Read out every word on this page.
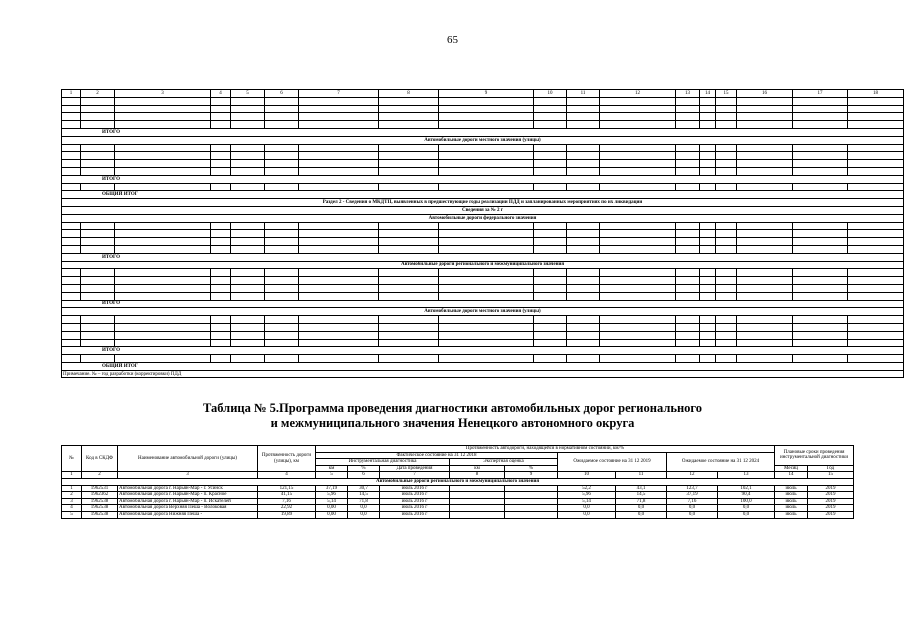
65
1	2	3	4	5	6	7	8	9	10	11	12	13	14	15	16	17	18

ИТОГО																	
Автомобильные дороги местного значения (улицы)																	

ИТОГО																	

ОБЩИЙ ИТОГ																	
Раздел 2 - Сведения о МКДТП, выявленных в предшествующие годы реализации ПДД и запланированных мероприятиях по их ликвидации																	
Сведения за № 2 г																	
Автомобильные дороги федерального значения																	

ИТОГО																	
Автомобильные дороги регионального и межмуниципального значения																	

ИТОГО																	
Автомобильные дороги местного значения (улицы)																	

ИТОГО																	

ОБЩИЙ ИТОГ																	
Примечание. № – год разработки (корректировки) ПДД																	
Таблица № 5.Программа проведения диагностики автомобильных дорог регионального
и межмуниципального значения Ненецкого автономного округа
№	Код в СКДФ	Наименование автомобильной дороги (улицы)	Протяженность дороги (улицы), км	Протяженность автодороги, находящейся в нормативном состоянии, км/%									Плановые сроки проведения инструментальной диагностики	
				Фактическое состояние на 31 12 2018					Ожидаемое состояние на 31 12 2019		Ожидаемое состояние на 31 12 2024			
				Инструментальная диагностика			Экспертная оценка							
				км	%	Дата проведения	км	%					Месяц	Год
1	2	3	4	5	6	7	8	9	10	11	12	13	14	15
Автомобильные дороги регионального и межмуниципального значения														
1	1962531	Автомобильная дорога г. Нарьян-Мар - г. Усинск	121,15	37,19	30,7	июль 2016 г			52,2	43,1	123,7	102,1	июль	2019
2	1962362	Автомобильная дорога г. Нарьян-Мар - п. Красное	41,15	5,96	14,5	июль 2016 г			5,96	14,5	37,19	90,4	июль	2019
3	1962538	Автомобильная дорога г. Нарьян-Мар - п. Искателей	7,16	5,14	71,8	июль 2016 г			5,14	71,8	7,16	100,0	июль	2019
4	1962538	Автомобильная дорога Верхняя Пеша - Волоковая	22,92	0,00	0,0	июль 2016 г			0,0	0,0	0,0	0,0	июль	2019
5	1962538	Автомобильная дорога Нижняя Пеша -	19,89	0,00	0,0	июль 2016 г			0,0	0,0	0,0	0,0	июль	2019
